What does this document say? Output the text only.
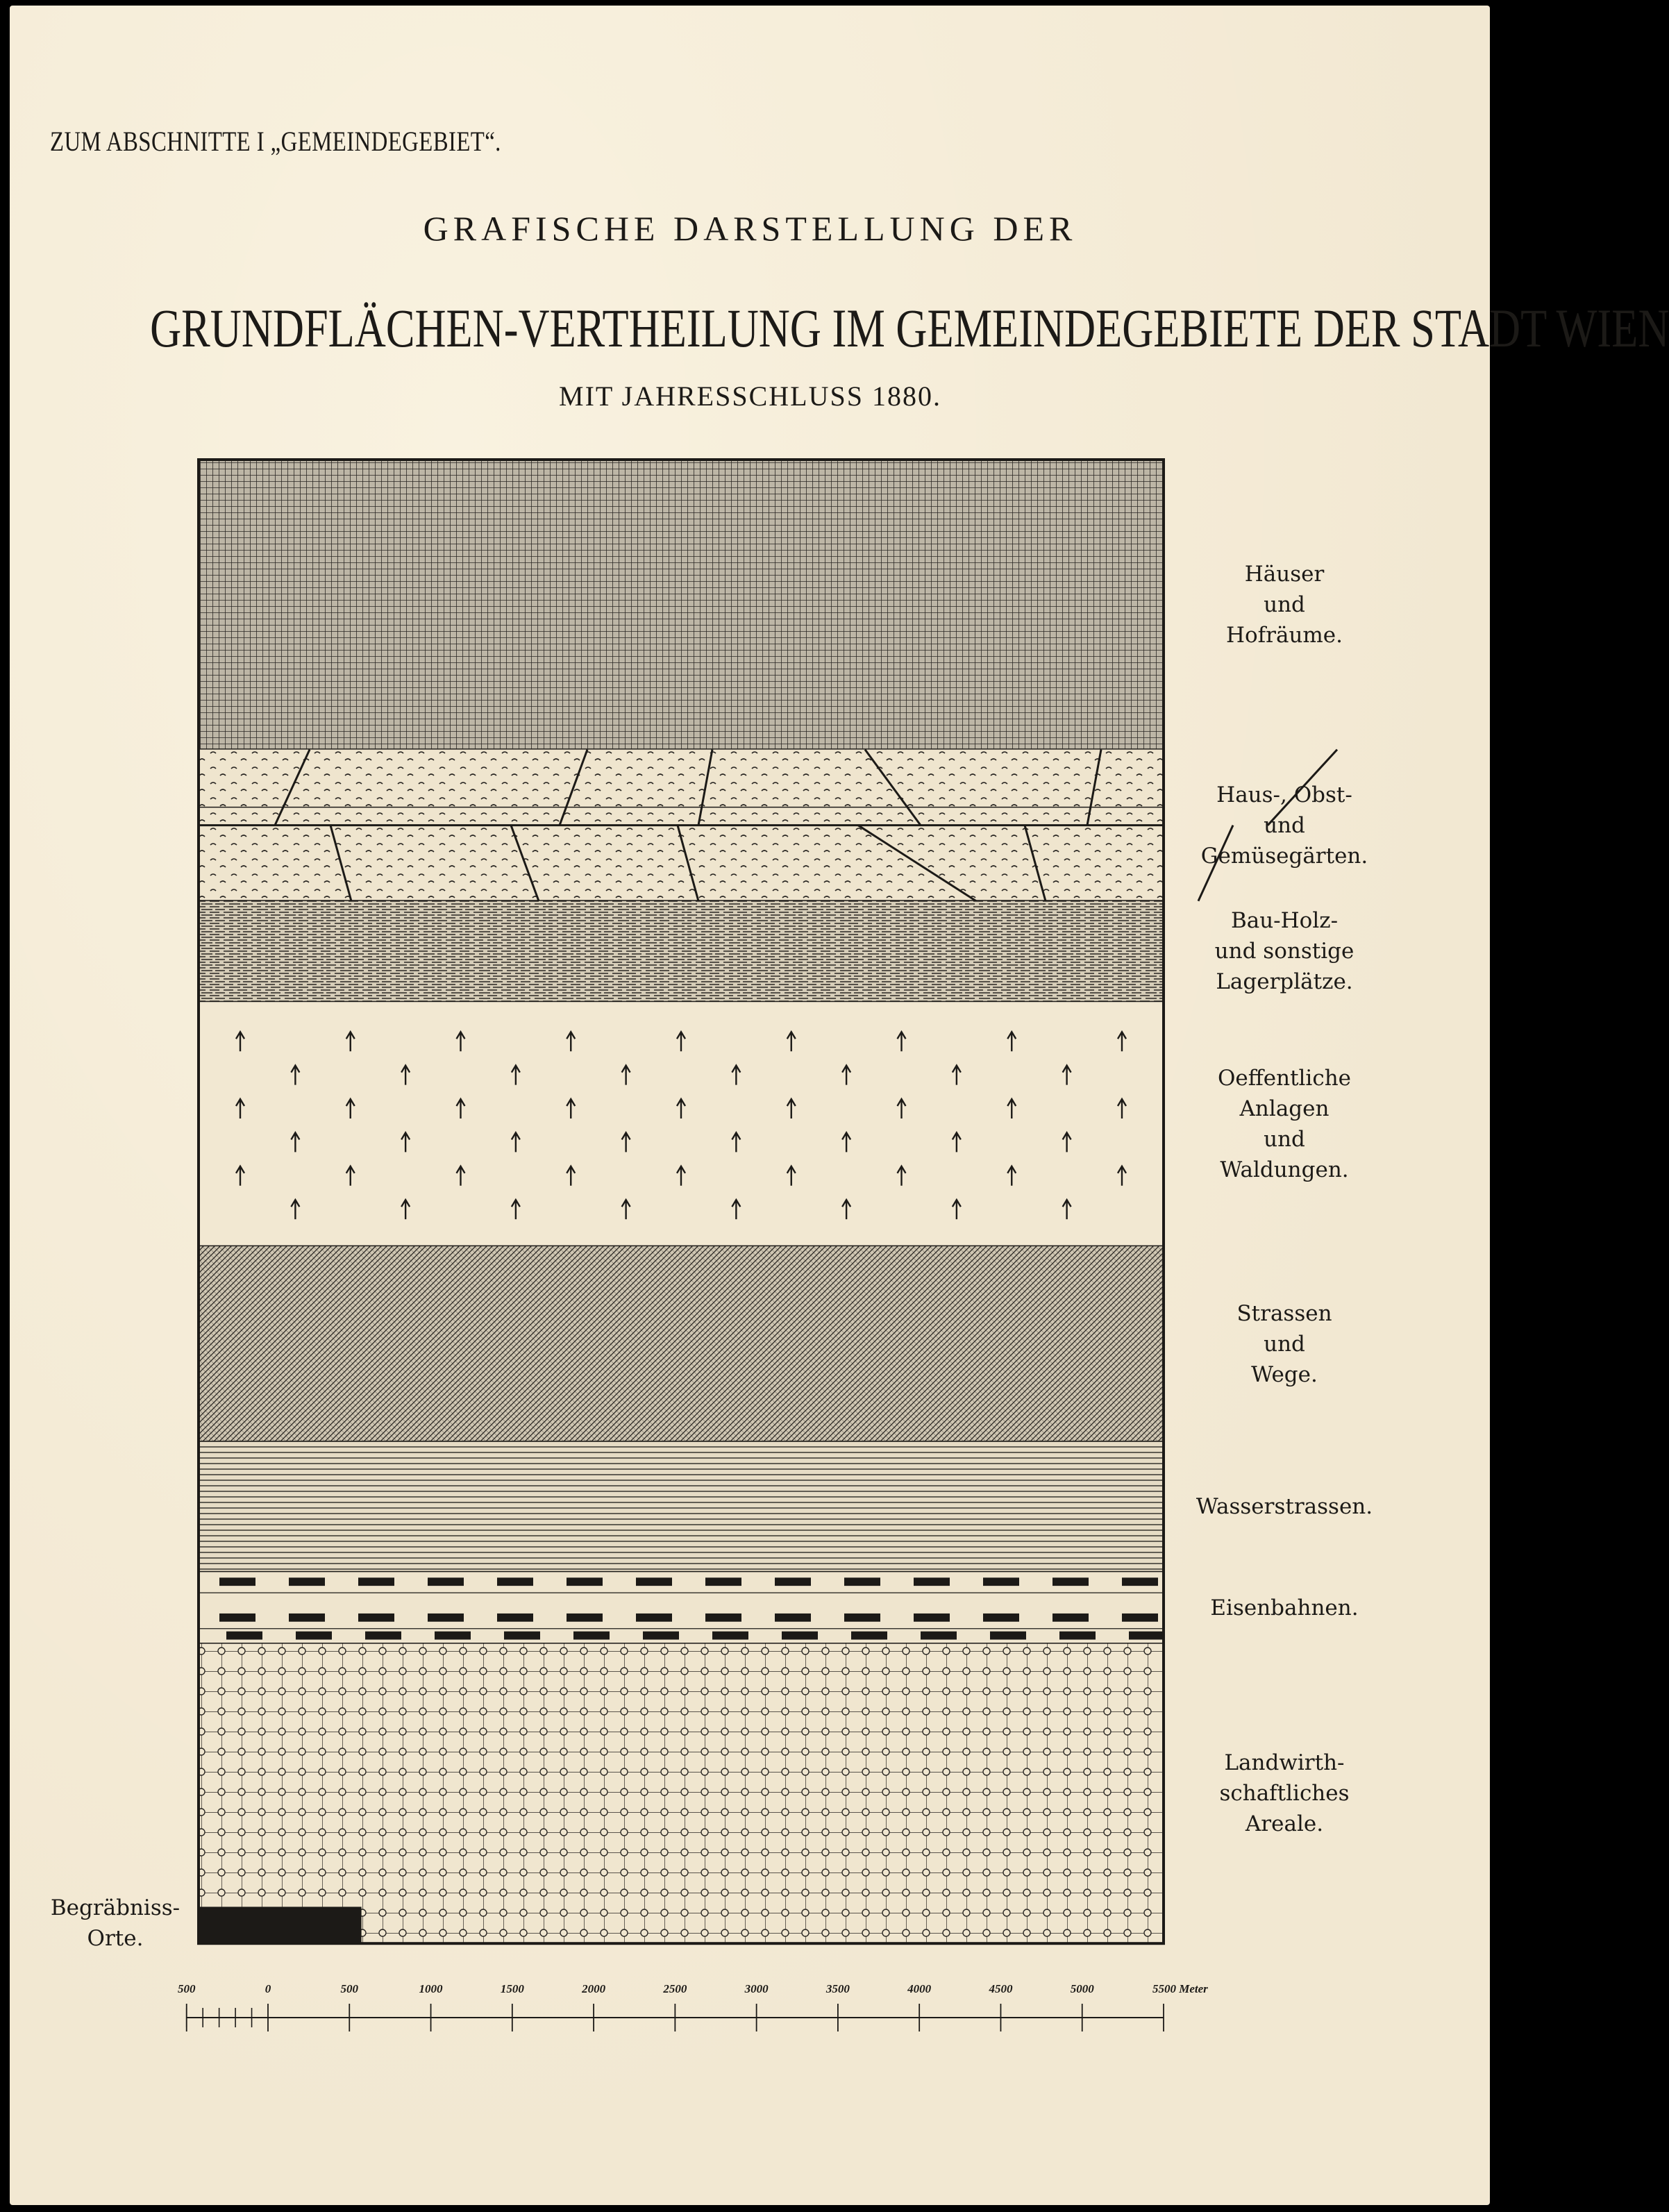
ZUM ABSCHNITTE I „GEMEINDEGEBIET“.
GRAFISCHE DARSTELLUNG DER
GRUNDFLÄCHEN-VERTHEILUNG IM GEMEINDEGEBIETE DER STADT WIEN
MIT JAHRESSCHLUSS 1880.
500	0	500	1000	1500	2000	2500	3000	3500	4000	4500	5000	5500 Meter
Häuser
und
Hofräume.
Haus-, Obst-
und
Gemüsegärten.
Bau-Holz-
und sonstige
Lagerplätze.
Oeffentliche
Anlagen
und
Waldungen.
Strassen
und
Wege.
Wasserstrassen.
Eisenbahnen.
Landwirth-
schaftliches
Areale.
Begräbniss-
Orte.
